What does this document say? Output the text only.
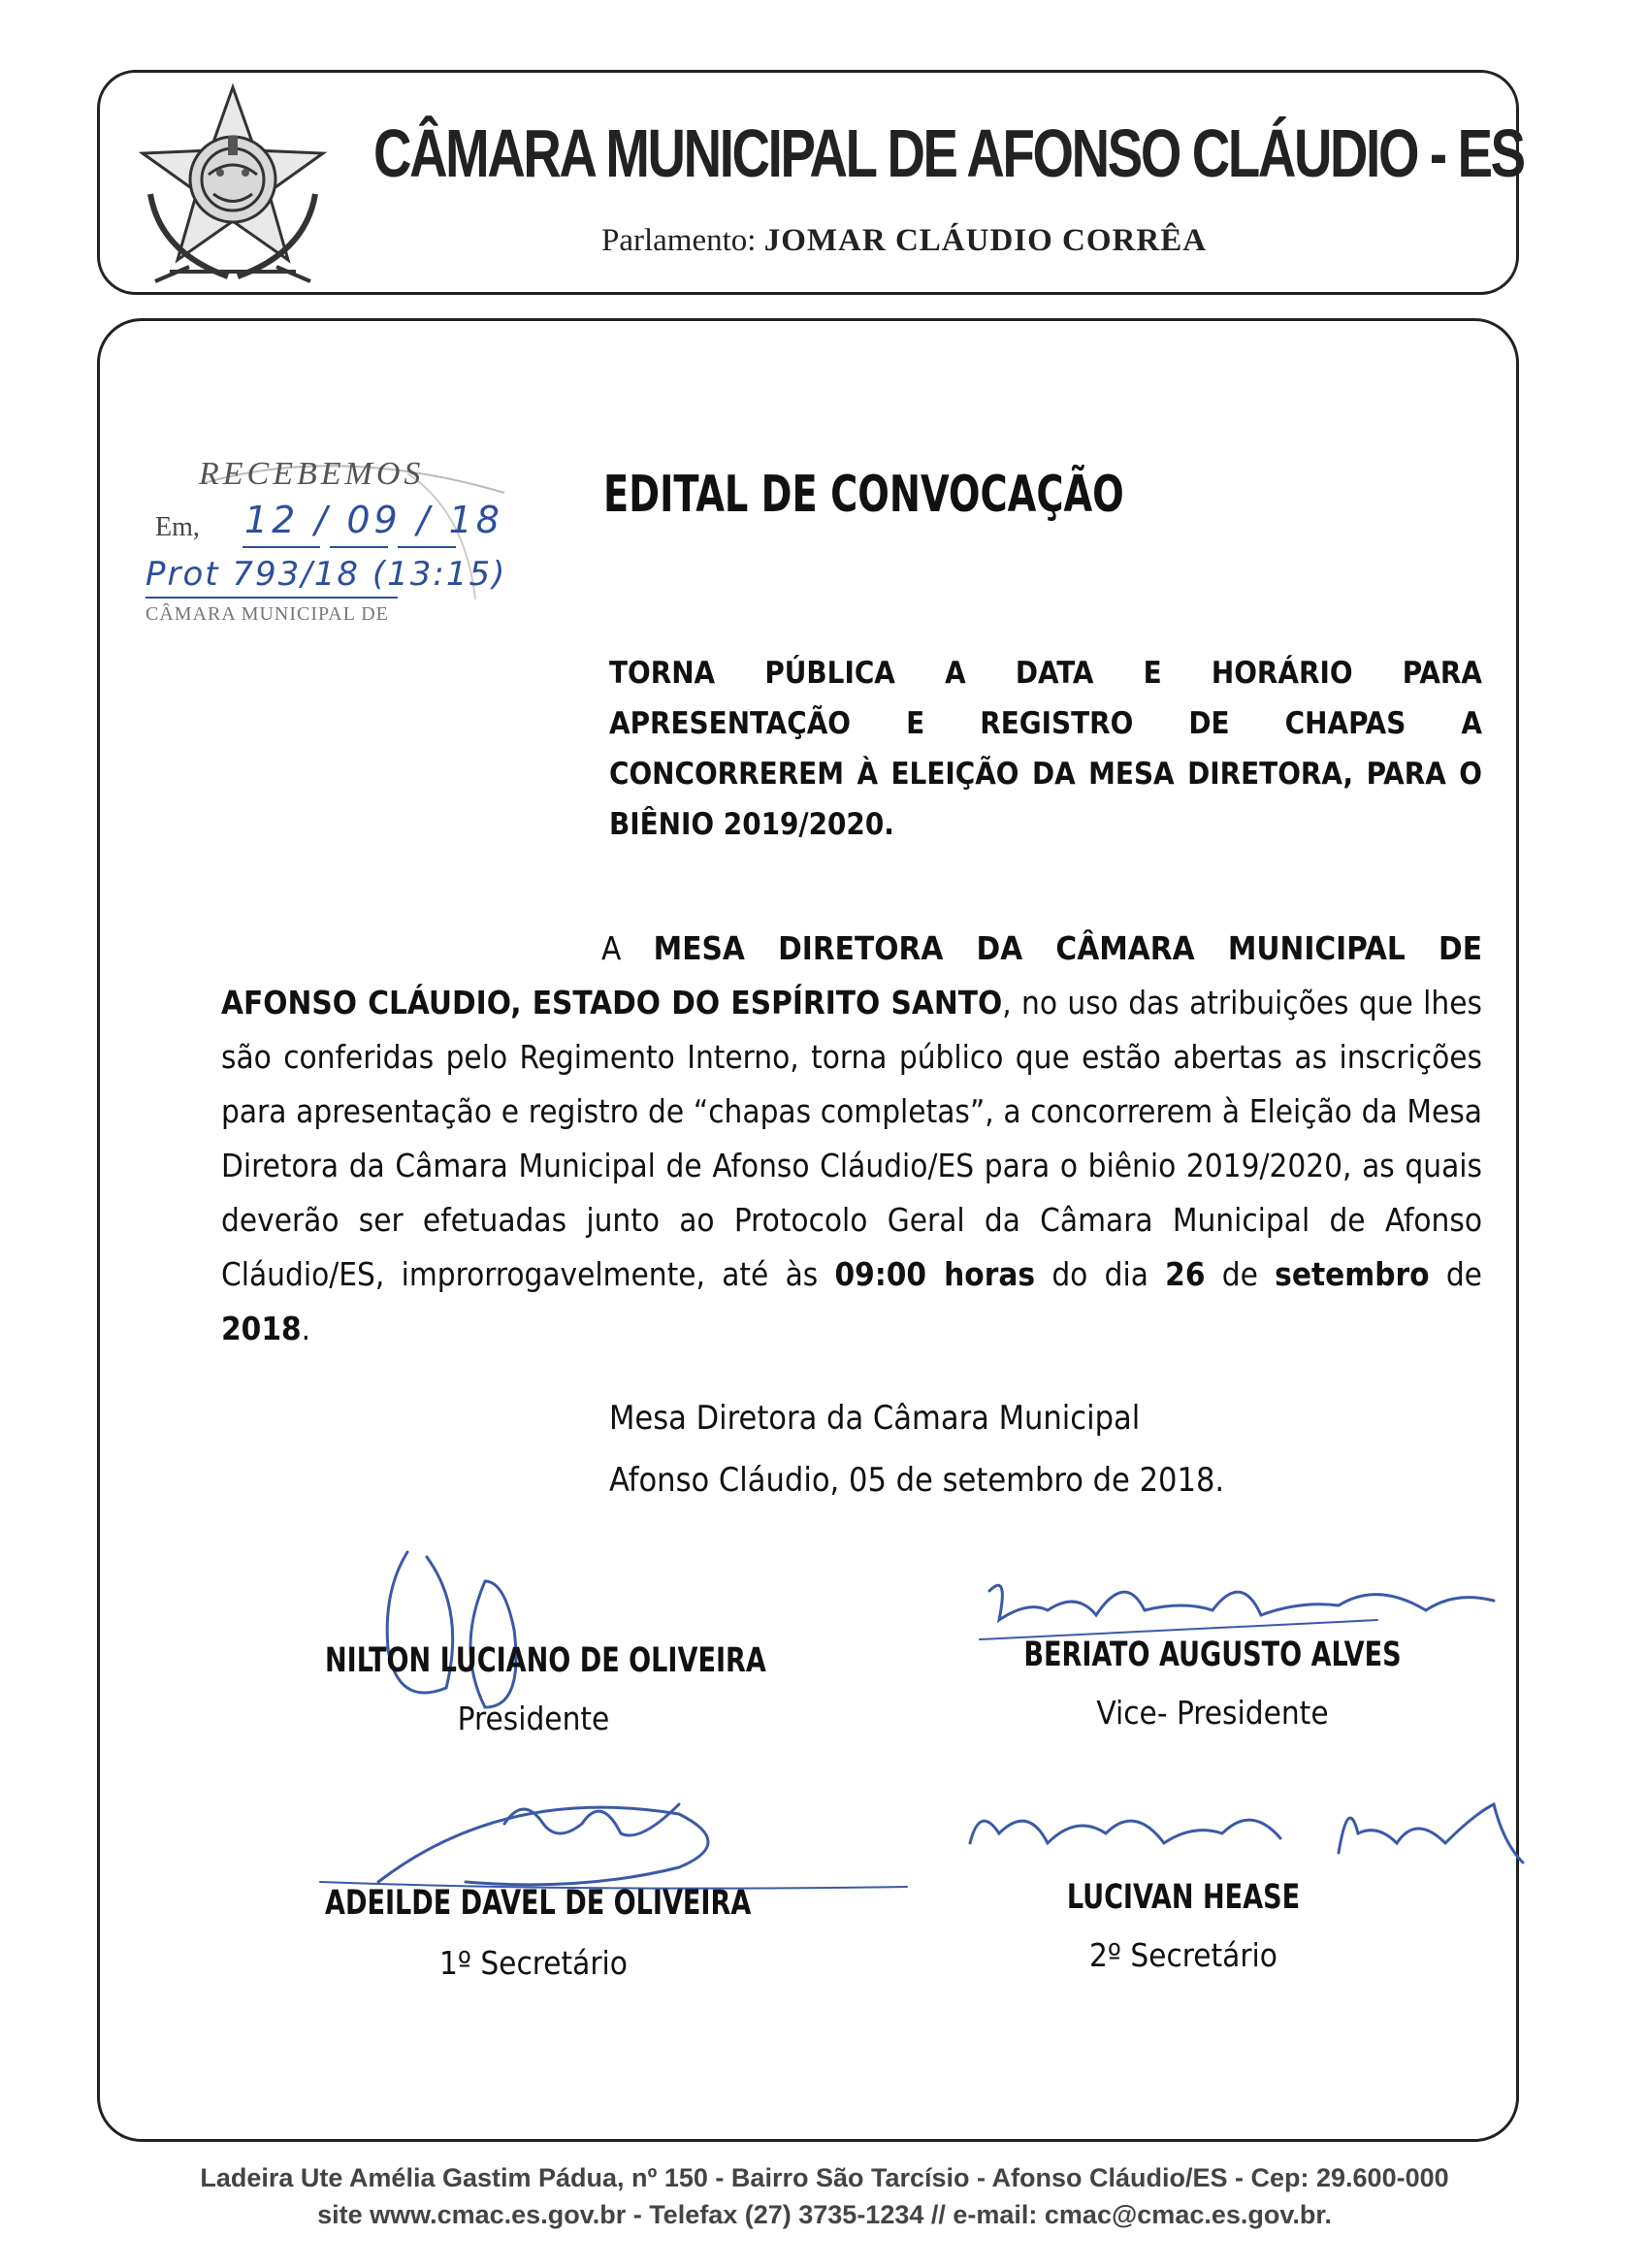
CÂMARA MUNICIPAL DE AFONSO CLÁUDIO - ES
Parlamento: JOMAR CLÁUDIO CORRÊA
RECEBEMOS
Em, 12 / 09 / 18
Prot 793/18 (13:15)
CÂMARA MUNICIPAL DE
EDITAL DE CONVOCAÇÃO
TORNA PÚBLICA A DATA E HORÁRIO PARA APRESENTAÇÃO E REGISTRO DE CHAPAS A CONCORREREM À ELEIÇÃO DA MESA DIRETORA, PARA O BIÊNIO 2019/2020.
A MESA DIRETORA DA CÂMARA MUNICIPAL DE AFONSO CLÁUDIO, ESTADO DO ESPÍRITO SANTO, no uso das atribuições que lhes são conferidas pelo Regimento Interno, torna público que estão abertas as inscrições para apresentação e registro de “chapas completas”, a concorrerem à Eleição da Mesa Diretora da Câmara Municipal de Afonso Cláudio/ES para o biênio 2019/2020, as quais deverão ser efetuadas junto ao Protocolo Geral da Câmara Municipal de Afonso Cláudio/ES, improrrogavelmente, até às 09:00 horas do dia 26 de setembro de 2018.
Mesa Diretora da Câmara Municipal
Afonso Cláudio, 05 de setembro de 2018.
NILTON LUCIANO DE OLIVEIRA
Presidente
BERIATO AUGUSTO ALVES
Vice- Presidente
ADEILDE DAVEL DE OLIVEIRA
1º Secretário
LUCIVAN HEASE
2º Secretário
Ladeira Ute Amélia Gastim Pádua, nº 150 - Bairro São Tarcísio - Afonso Cláudio/ES - Cep: 29.600-000
site www.cmac.es.gov.br - Telefax (27) 3735-1234 // e-mail: cmac@cmac.es.gov.br.
